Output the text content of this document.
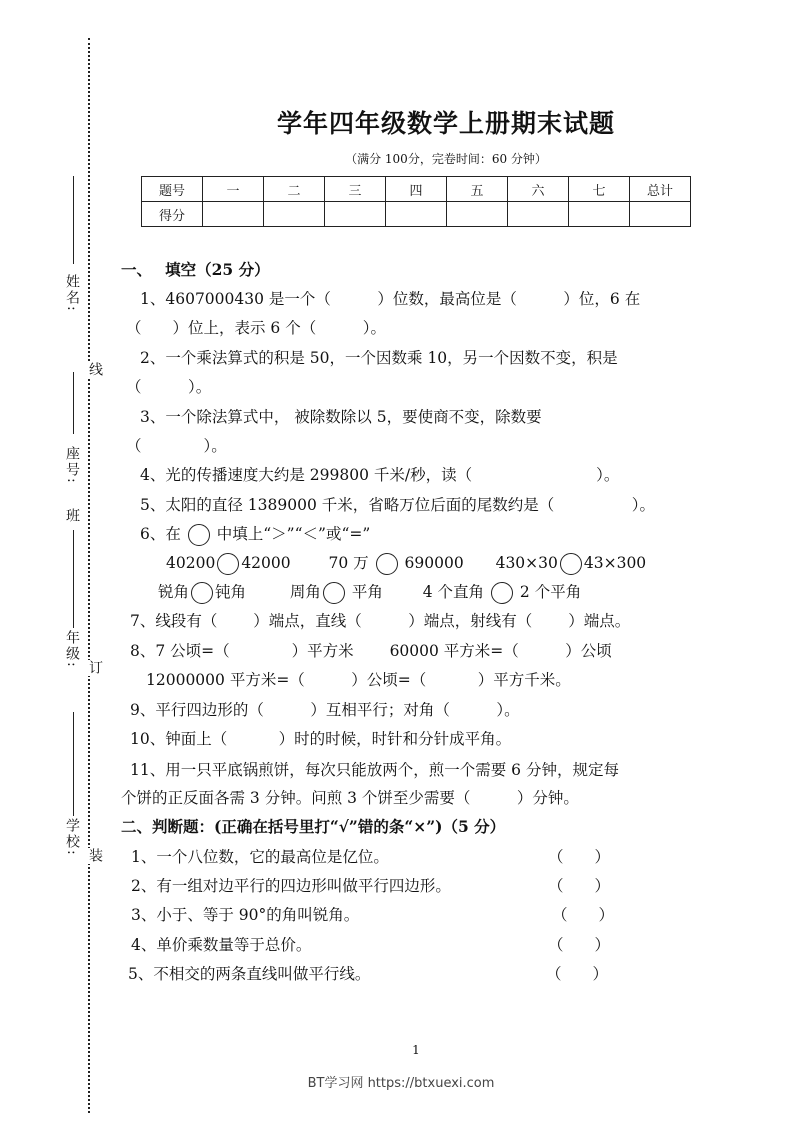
姓名:
线
座号:
班
年级: 订
学校: 装
学年四年级数学上册期末试题
（满分 100分，完卷时间：60 分钟）
题号	一	二	三	四	五	六	七	总计
得分								
一、　 填空（25 分）
1、4607000430 是一个（　　　）位数，最高位是（　　　）位，6 在
（　　）位上，表示 6 个（　　　）。
2、一个乘法算式的积是 50，一个因数乘 10，另一个因数不变，积是
（　　　）。
3、一个除法算式中， 被除数除以 5，要使商不变，除数要
（　　　　）。
4、光的传播速度大约是 299800 千米/秒，读（　　　　　　　　）。
5、太阳的直径 1389000 千米，省略万位后面的尾数约是（　　　　　）。
6、在 中填上“＞”“＜”或“=”
40200 42000 70 万 690000 430×30 43×300
锐角 钝角	周角 平角	4 个直角 2 个平角
7、线段有（　　 ）端点，直线（　　　）端点，射线有（　　 ）端点。
8、7 公顷=（　　　　）平方米　　 60000 平方米=（　　　）公顷
12000000 平方米=（　　　）公顷=（　　　 ）平方千米。
9、平行四边形的（　　　）互相平行；对角（　　　）。
10、钟面上（　　　 ）时的时候，时针和分针成平角。
11、用一只平底锅煎饼，每次只能放两个，煎一个需要 6 分钟，规定每
个饼的正反面各需 3 分钟。问煎 3 个饼至少需要（　　　）分钟。
二、判断题：(正确在括号里打“√”错的条“×”)（5 分）
1、一个八位数，它的最高位是亿位。	（　　）
2、有一组对边平行的四边形叫做平行四边形。	（　　）
3、小于、等于 90°的角叫锐角。	（　　）
4、单价乘数量等于总价。	（　　）
5、不相交的两条直线叫做平行线。	（　　）
1
BT学习网 https://btxuexi.com
